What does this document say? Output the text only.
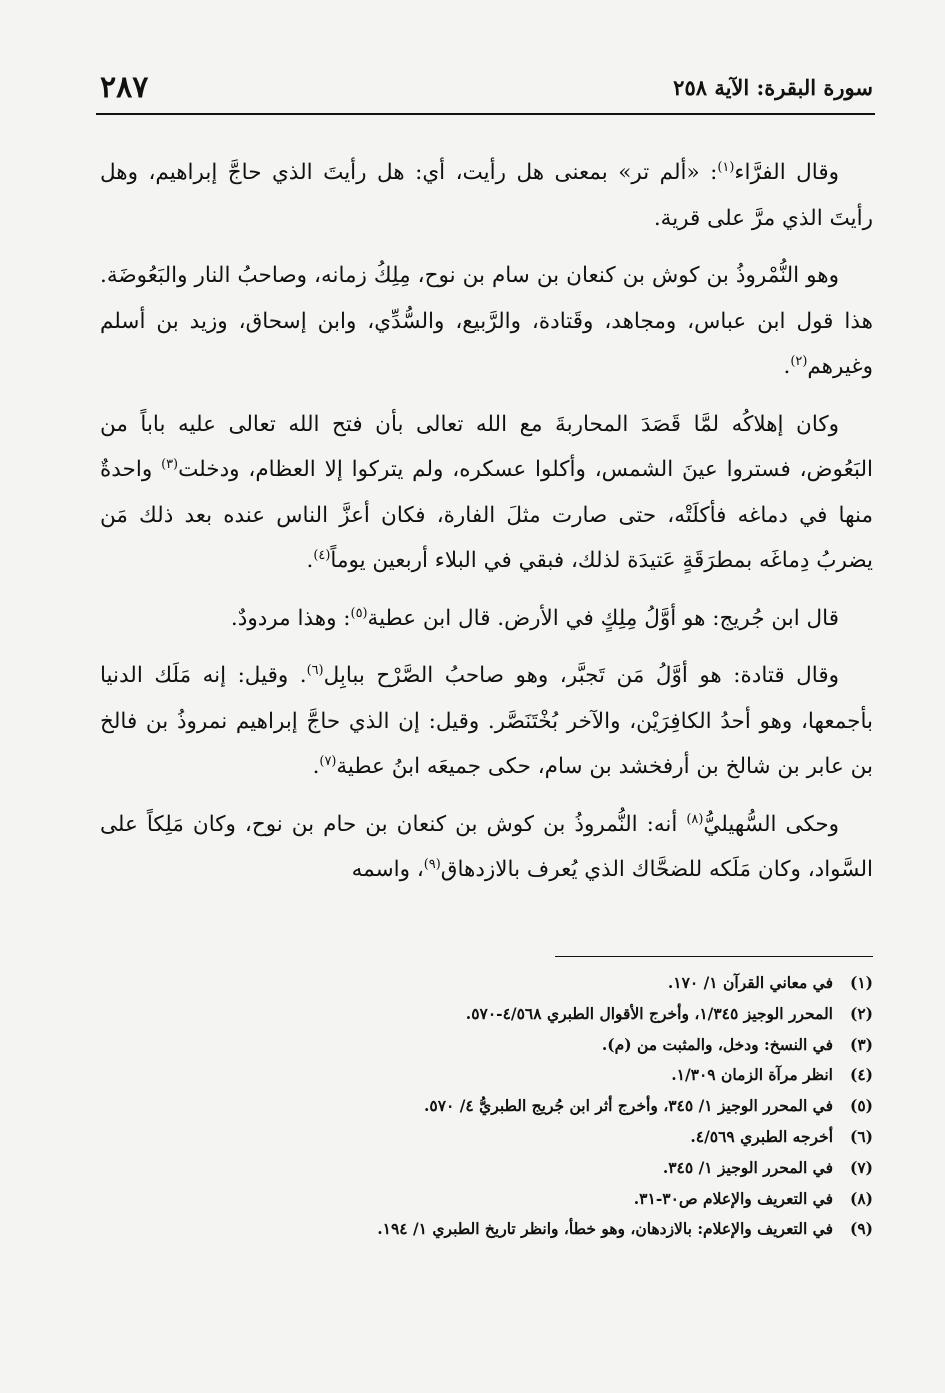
٢٨٧	سورة البقرة: الآية ٢٥٨

وقال الفرَّاء$^{(١)}$: «ألم تر» بمعنى هل رأيت، أي: هل رأيتَ الذي حاجَّ إبراهيم، وهل رأيتَ الذي مرَّ على قرية.

وهو النُّمْروذُ بن كوش بن كنعان بن سام بن نوح، مِلِكُ زمانه، وصاحبُ النار والبَعُوضَة. هذا قول ابن عباس، ومجاهد، وقَتادة، والرَّبيع، والسُّدِّي، وابن إسحاق، وزيد بن أسلم وغيرهم$^{(٢)}$.

وكان إهلاكُه لمَّا قَصَدَ المحاربةَ مع الله تعالى بأن فتح الله تعالى عليه باباً من البَعُوض، فستروا عينَ الشمس، وأكلوا عسكره، ولم يتركوا إلا العظام، ودخلت$^{(٣)}$ واحدةٌ منها في دماغه فأكلَتْه، حتى صارت مثلَ الفارة، فكان أعزَّ الناس عنده بعد ذلك مَن يضربُ دِماغَه بمطرَقَةٍ عَتيدَة لذلك، فبقي في البلاء أربعين يوماً$^{(٤)}$.

قال ابن جُريج: هو أوَّلُ مِلِكٍ في الأرض. قال ابن عطية$^{(٥)}$: وهذا مردودٌ.

وقال قتادة: هو أوَّلُ مَن تَجبَّر، وهو صاحبُ الصَّرْح ببابِل$^{(٦)}$. وقيل: إنه مَلَك الدنيا بأجمعها، وهو أحدُ الكافِرَيْن، والآخر بُخْتَنَصَّر. وقيل: إن الذي حاجَّ إبراهيم نمروذُ بن فالخ بن عابر بن شالخ بن أرفخشد بن سام، حكى جميعَه ابنُ عطية$^{(٧)}$.

وحكى السُّهيليُّ$^{(٨)}$ أنه: النُّمروذُ بن كوش بن كنعان بن حام بن نوح، وكان مَلِكاً على السَّواد، وكان مَلَكه للضحَّاك الذي يُعرف بالازدهاق$^{(٩)}$، واسمه

(١)في معاني القرآن ١/ ١٧٠.
(٢)المحرر الوجيز ١/٣٤٥، وأخرج الأقوال الطبري ٤/٥٦٨-٥٧٠.
(٣)في النسخ: ودخل، والمثبت من (م).
(٤)انظر مرآة الزمان ١/٣٠٩.
(٥)في المحرر الوجيز ١/ ٣٤٥، وأخرج أثر ابن جُريج الطبريُّ ٤/ ٥٧٠.
(٦)أخرجه الطبري ٤/٥٦٩.
(٧)في المحرر الوجيز ١/ ٣٤٥.
(٨)في التعريف والإعلام ص٣٠-٣١.
(٩)في التعريف والإعلام: بالازدهان، وهو خطأ، وانظر تاريخ الطبري ١/ ١٩٤.
